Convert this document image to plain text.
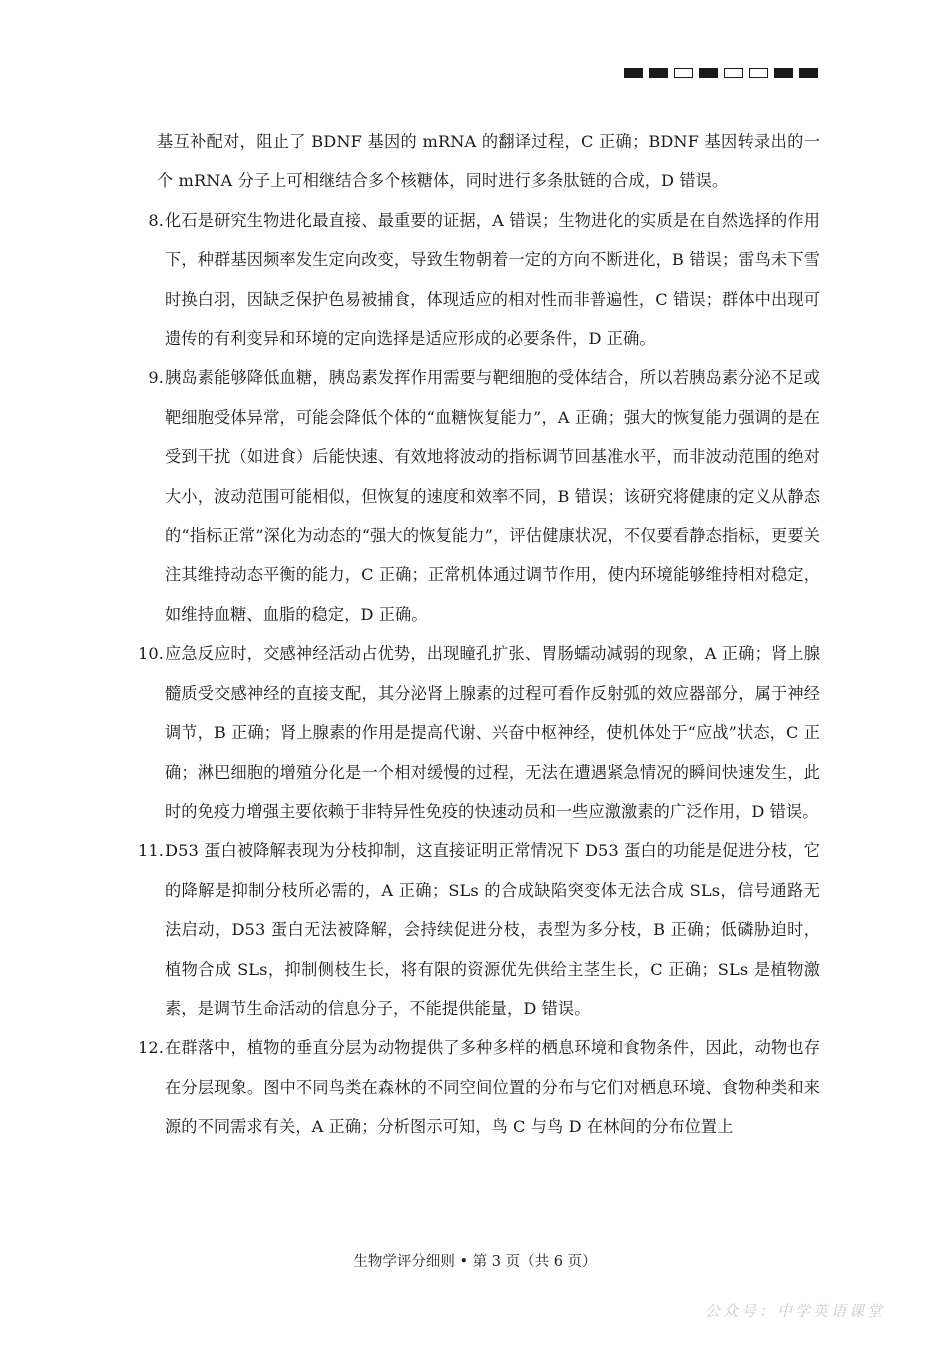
基互补配对，阻止了 BDNF 基因的 mRNA 的翻译过程，C 正确；BDNF 基因转录出的一个 mRNA 分子上可相继结合多个核糖体，同时进行多条肽链的合成，D 错误。
8. 化石是研究生物进化最直接、最重要的证据，A 错误；生物进化的实质是在自然选择的作用下，种群基因频率发生定向改变，导致生物朝着一定的方向不断进化，B 错误；雷鸟未下雪时换白羽，因缺乏保护色易被捕食，体现适应的相对性而非普遍性，C 错误；群体中出现可遗传的有利变异和环境的定向选择是适应形成的必要条件，D 正确。
9. 胰岛素能够降低血糖，胰岛素发挥作用需要与靶细胞的受体结合，所以若胰岛素分泌不足或靶细胞受体异常，可能会降低个体的“血糖恢复能力”，A 正确；强大的恢复能力强调的是在受到干扰（如进食）后能快速、有效地将波动的指标调节回基准水平，而非波动范围的绝对大小，波动范围可能相似，但恢复的速度和效率不同，B 错误；该研究将健康的定义从静态的“指标正常”深化为动态的“强大的恢复能力”，评估健康状况，不仅要看静态指标，更要关注其维持动态平衡的能力，C 正确；正常机体通过调节作用，使内环境能够维持相对稳定，如维持血糖、血脂的稳定，D 正确。
10. 应急反应时，交感神经活动占优势，出现瞳孔扩张、胃肠蠕动减弱的现象，A 正确；肾上腺髓质受交感神经的直接支配，其分泌肾上腺素的过程可看作反射弧的效应器部分，属于神经调节，B 正确；肾上腺素的作用是提高代谢、兴奋中枢神经，使机体处于“应战”状态，C 正确；淋巴细胞的增殖分化是一个相对缓慢的过程，无法在遭遇紧急情况的瞬间快速发生，此时的免疫力增强主要依赖于非特异性免疫的快速动员和一些应激激素的广泛作用，D 错误。
11. D53 蛋白被降解表现为分枝抑制，这直接证明正常情况下 D53 蛋白的功能是促进分枝，它的降解是抑制分枝所必需的，A 正确；SLs 的合成缺陷突变体无法合成 SLs，信号通路无法启动，D53 蛋白无法被降解，会持续促进分枝，表型为多分枝，B 正确；低磷胁迫时，植物合成 SLs，抑制侧枝生长，将有限的资源优先供给主茎生长，C 正确；SLs 是植物激素，是调节生命活动的信息分子，不能提供能量，D 错误。
12. 在群落中，植物的垂直分层为动物提供了多种多样的栖息环境和食物条件，因此，动物也存在分层现象。图中不同鸟类在森林的不同空间位置的分布与它们对栖息环境、食物种类和来源的不同需求有关，A 正确；分析图示可知，鸟 C 与鸟 D 在林间的分布位置上
生物学评分细则 • 第 3 页（共 6 页）
公众号：中学英语课堂
